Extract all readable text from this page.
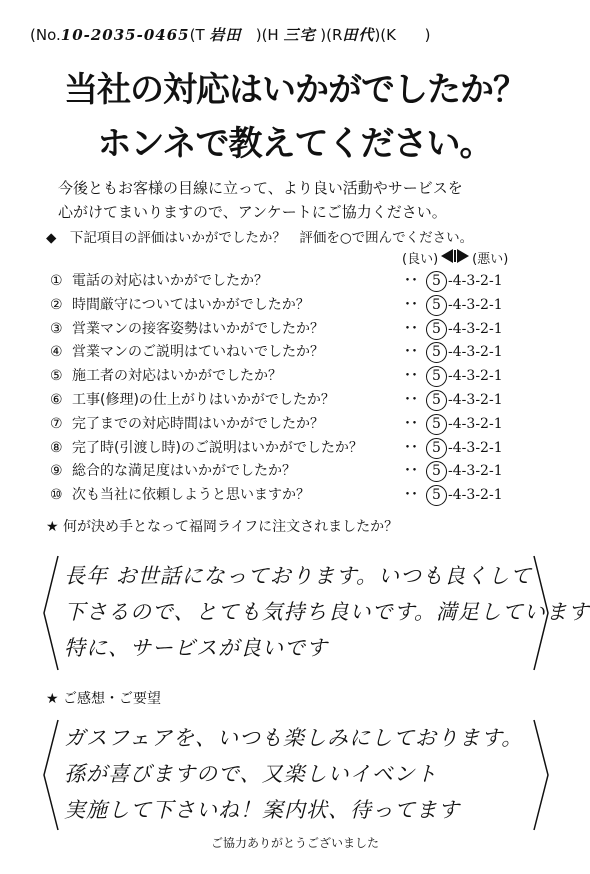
(No.10-2035-0465(T 岩田 )(H 三宅 )(R田代)(K )
当社の対応はいかがでしたか？
ホンネで教えてください。
今後ともお客様の目線に立って、より良い活動やサービスを
心がけてまいりますので、アンケートにご協力ください。
◆　下記項目の評価はいかがでしたか？　評価を○で囲んでください。
(良い)	(悪い)
① 電話の対応はいかがでしたか？	･･ 5 -4-3-2-1
② 時間厳守についてはいかがでしたか？	･･ 5 -4-3-2-1
③ 営業マンの接客姿勢はいかがでしたか？	･･ 5 -4-3-2-1
④ 営業マンのご説明はていねいでしたか？	･･ 5 -4-3-2-1
⑤ 施工者の対応はいかがでしたか？	･･ 5 -4-3-2-1
⑥ 工事(修理)の仕上がりはいかがでしたか？	･･ 5 -4-3-2-1
⑦ 完了までの対応時間はいかがでしたか？	･･ 5 -4-3-2-1
⑧ 完了時(引渡し時)のご説明はいかがでしたか？	･･ 5 -4-3-2-1
⑨ 総合的な満足度はいかがでしたか？	･･ 5 -4-3-2-1
⑩ 次も当社に依頼しようと思いますか？	･･ 5 -4-3-2-1
★ 何が決め手となって福岡ライフに注文されましたか？
長年 お世話になっております。いつも良くして
下さるので、とても気持ち良いです。満足しています
特に、サービスが良いです
★ ご感想・ご要望
ガスフェアを、いつも楽しみにしております。
孫が喜びますので、又楽しいイベント
実施して下さいね！案内状、待ってます
ご協力ありがとうございました
